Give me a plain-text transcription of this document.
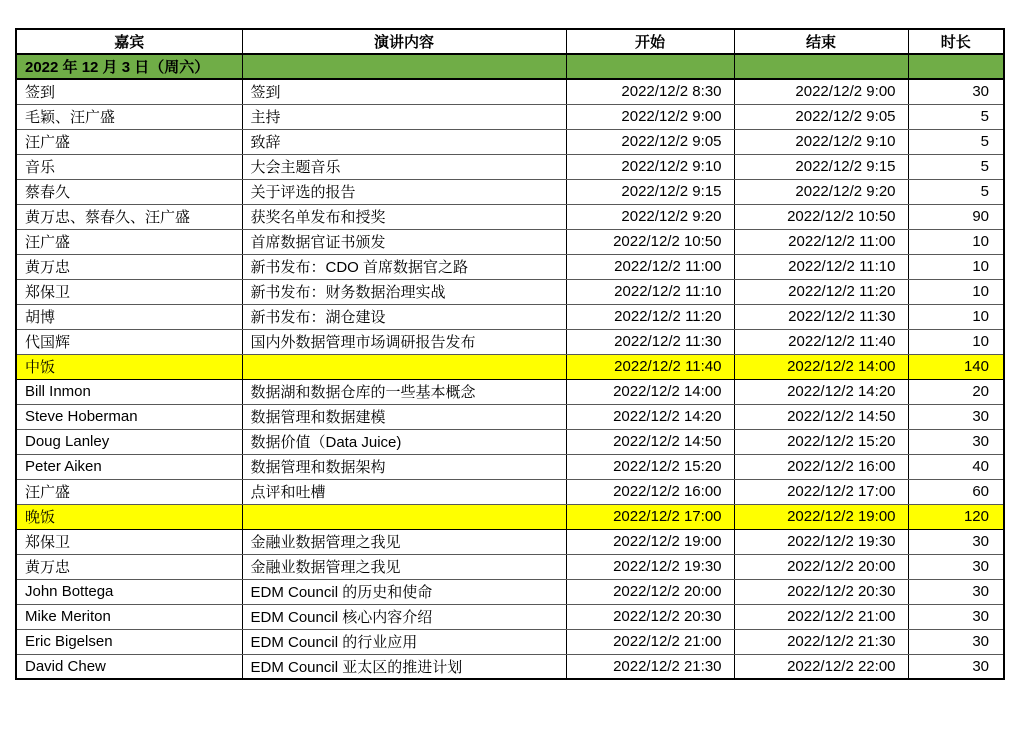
嘉宾	演讲内容	开始	结束	时长
2022 年 12 月 3 日（周六）				
签到	签到	2022/12/2 8:30	2022/12/2 9:00	30
毛颖、汪广盛	主持	2022/12/2 9:00	2022/12/2 9:05	5
汪广盛	致辞	2022/12/2 9:05	2022/12/2 9:10	5
音乐	大会主题音乐	2022/12/2 9:10	2022/12/2 9:15	5
蔡春久	关于评选的报告	2022/12/2 9:15	2022/12/2 9:20	5
黄万忠、蔡春久、汪广盛	获奖名单发布和授奖	2022/12/2 9:20	2022/12/2 10:50	90
汪广盛	首席数据官证书颁发	2022/12/2 10:50	2022/12/2 11:00	10
黄万忠	新书发布：CDO 首席数据官之路	2022/12/2 11:00	2022/12/2 11:10	10
郑保卫	新书发布：财务数据治理实战	2022/12/2 11:10	2022/12/2 11:20	10
胡博	新书发布：湖仓建设	2022/12/2 11:20	2022/12/2 11:30	10
代国辉	国内外数据管理市场调研报告发布	2022/12/2 11:30	2022/12/2 11:40	10
中饭		2022/12/2 11:40	2022/12/2 14:00	140
Bill Inmon	数据湖和数据仓库的一些基本概念	2022/12/2 14:00	2022/12/2 14:20	20
Steve Hoberman	数据管理和数据建模	2022/12/2 14:20	2022/12/2 14:50	30
Doug Lanley	数据价值（Data Juice)	2022/12/2 14:50	2022/12/2 15:20	30
Peter Aiken	数据管理和数据架构	2022/12/2 15:20	2022/12/2 16:00	40
汪广盛	点评和吐槽	2022/12/2 16:00	2022/12/2 17:00	60
晚饭		2022/12/2 17:00	2022/12/2 19:00	120
郑保卫	金融业数据管理之我见	2022/12/2 19:00	2022/12/2 19:30	30
黄万忠	金融业数据管理之我见	2022/12/2 19:30	2022/12/2 20:00	30
John Bottega	EDM Council 的历史和使命	2022/12/2 20:00	2022/12/2 20:30	30
Mike Meriton	EDM Council 核心内容介绍	2022/12/2 20:30	2022/12/2 21:00	30
Eric Bigelsen	EDM Council 的行业应用	2022/12/2 21:00	2022/12/2 21:30	30
David Chew	EDM Council 亚太区的推进计划	2022/12/2 21:30	2022/12/2 22:00	30
